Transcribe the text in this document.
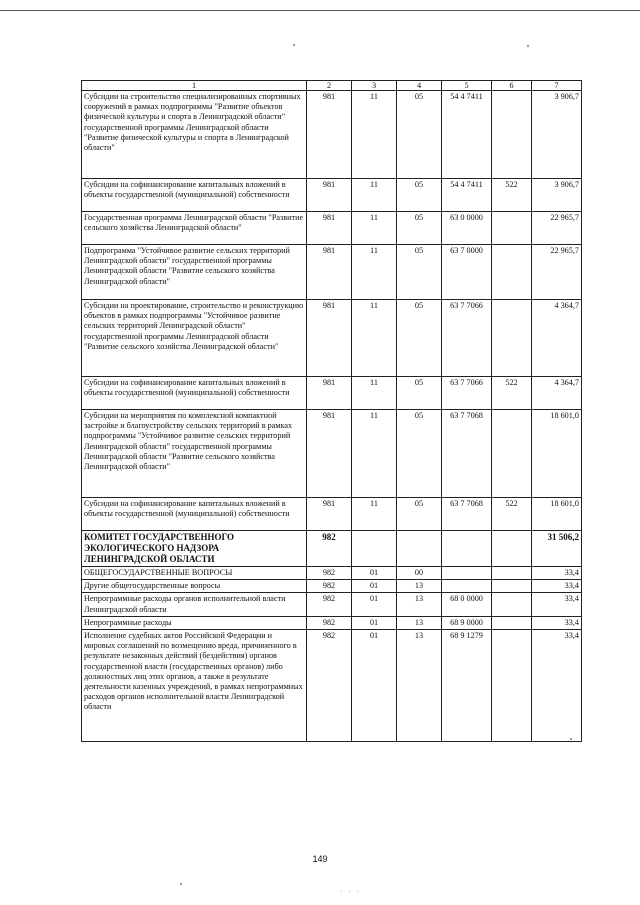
1	2	3	4	5	6	7
Субсидии на строительство специализированных спортивных сооружений в рамках подпрограммы "Развитие объектов физической культуры и спорта в Ленинградской области" государственной программы Ленинградской области "Развитие физической культуры и спорта в Ленинградской области"	981	11	05	54 4 7411		3 906,7
Субсидии на софинансирование капитальных вложений в объекты государственной (муниципальной) собственности	981	11	05	54 4 7411	522	3 906,7
Государственная программа Ленинградской области "Развитие сельского хозяйства Ленинградской области"	981	11	05	63 0 0000		22 965,7
Подпрограмма "Устойчивое развитие сельских территорий Ленинградской области" государственной программы Ленинградской области "Развитие сельского хозяйства Ленинградской области"	981	11	05	63 7 0000		22 965,7
Субсидии на проектирование, строительство и реконструкцию объектов в рамках подпрограммы "Устойчивое развитие сельских территорий Ленинградской области" государственной программы Ленинградской области "Развитие сельского хозяйства Ленинградской области"	981	11	05	63 7 7066		4 364,7
Субсидии на софинансирование капитальных вложений в объекты государственной (муниципальной) собственности	981	11	05	63 7 7066	522	4 364,7
Субсидии на мероприятия по комплексной компактной застройке и благоустройству сельских территорий в рамках подпрограммы "Устойчивое развитие сельских территорий Ленинградской области" государственной программы Ленинградской области "Развитие сельского хозяйства Ленинградской области"	981	11	05	63 7 7068		18 601,0
Субсидии на софинансирование капитальных вложений в объекты государственной (муниципальной) собственности	981	11	05	63 7 7068	522	18 601,0
КОМИТЕТ ГОСУДАРСТВЕННОГО ЭКОЛОГИЧЕСКОГО НАДЗОРА ЛЕНИНГРАДСКОЙ ОБЛАСТИ	982					31 506,2
ОБЩЕГОСУДАРСТВЕННЫЕ ВОПРОСЫ	982	01	00			33,4
Другие общегосударственные вопросы	982	01	13			33,4
Непрограммные расходы органов исполнительной власти Ленинградской области	982	01	13	68 0 0000		33,4
Непрограммные расходы	982	01	13	68 9 0000		33,4
Исполнение судебных актов Российской Федерации и мировых соглашений по возмещению вреда, причиненного в результате незаконных действий (бездействия) органов государственной власти (государственных органов) либо должностных лиц этих органов, а также в результате деятельности казенных учреждений, в рамках непрограммных расходов органов исполнительной власти Ленинградской области	982	01	13	68 9 1279		33,4
149
· · ·
